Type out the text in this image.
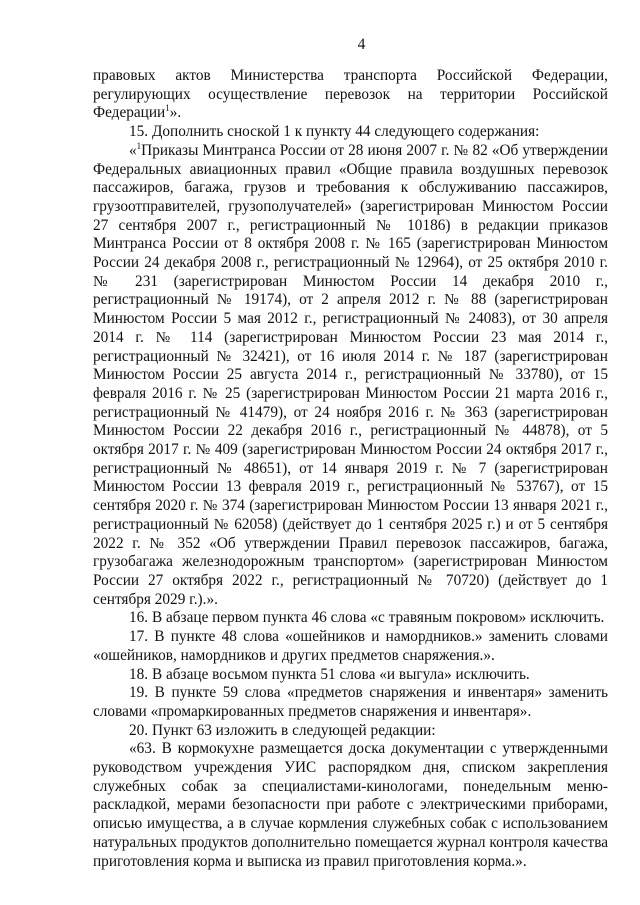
4

правовых актов Министерства транспорта Российской Федерации, регулирующих осуществление перевозок на территории Российской Федерации$^1$».

15. Дополнить сноской 1 к пункту 44 следующего содержания:

«$^1$Приказы Минтранса России от 28 июня 2007 г. № 82 «Об утверждении Федеральных авиационных правил «Общие правила воздушных перевозок пассажиров, багажа, грузов и требования к обслуживанию пассажиров, грузоотправителей, грузополучателей» (зарегистрирован Минюстом России 27 сентября 2007 г., регистрационный № 10186) в редакции приказов Минтранса России от 8 октября 2008 г. № 165 (зарегистрирован Минюстом России 24 декабря 2008 г., регистрационный № 12964), от 25 октября 2010 г. № 231 (зарегистрирован Минюстом России 14 декабря 2010 г., регистрационный № 19174), от 2 апреля 2012 г. № 88 (зарегистрирован Минюстом России 5 мая 2012 г., регистрационный № 24083), от 30 апреля 2014 г. № 114 (зарегистрирован Минюстом России 23 мая 2014 г., регистрационный № 32421), от 16 июля 2014 г. № 187 (зарегистрирован Минюстом России 25 августа 2014 г., регистрационный № 33780), от 15 февраля 2016 г. № 25 (зарегистрирован Минюстом России 21 марта 2016 г., регистрационный № 41479), от 24 ноября 2016 г. № 363 (зарегистрирован Минюстом России 22 декабря 2016 г., регистрационный № 44878), от 5 октября 2017 г. № 409 (зарегистрирован Минюстом России 24 октября 2017 г., регистрационный № 48651), от 14 января 2019 г. № 7 (зарегистрирован Минюстом России 13 февраля 2019 г., регистрационный № 53767), от 15 сентября 2020 г. № 374 (зарегистрирован Минюстом России 13 января 2021 г., регистрационный № 62058) (действует до 1 сентября 2025 г.) и от 5 сентября 2022 г. № 352 «Об утверждении Правил перевозок пассажиров, багажа, грузобагажа железнодорожным транспортом» (зарегистрирован Минюстом России 27 октября 2022 г., регистрационный № 70720) (действует до 1 сентября 2029 г.).».

16. В абзаце первом пункта 46 слова «с травяным покровом» исключить.

17. В пункте 48 слова «ошейников и намордников.» заменить словами «ошейников, намордников и других предметов снаряжения.».

18. В абзаце восьмом пункта 51 слова «и выгула» исключить.

19. В пункте 59 слова «предметов снаряжения и инвентаря» заменить словами «промаркированных предметов снаряжения и инвентаря».

20. Пункт 63 изложить в следующей редакции:

«63. В кормокухне размещается доска документации с утвержденными руководством учреждения УИС распорядком дня, списком закрепления служебных собак за специалистами-кинологами, понедельным меню-раскладкой, мерами безопасности при работе с электрическими приборами, описью имущества, а в случае кормления служебных собак с использованием натуральных продуктов дополнительно помещается журнал контроля качества приготовления корма и выписка из правил приготовления корма.».
